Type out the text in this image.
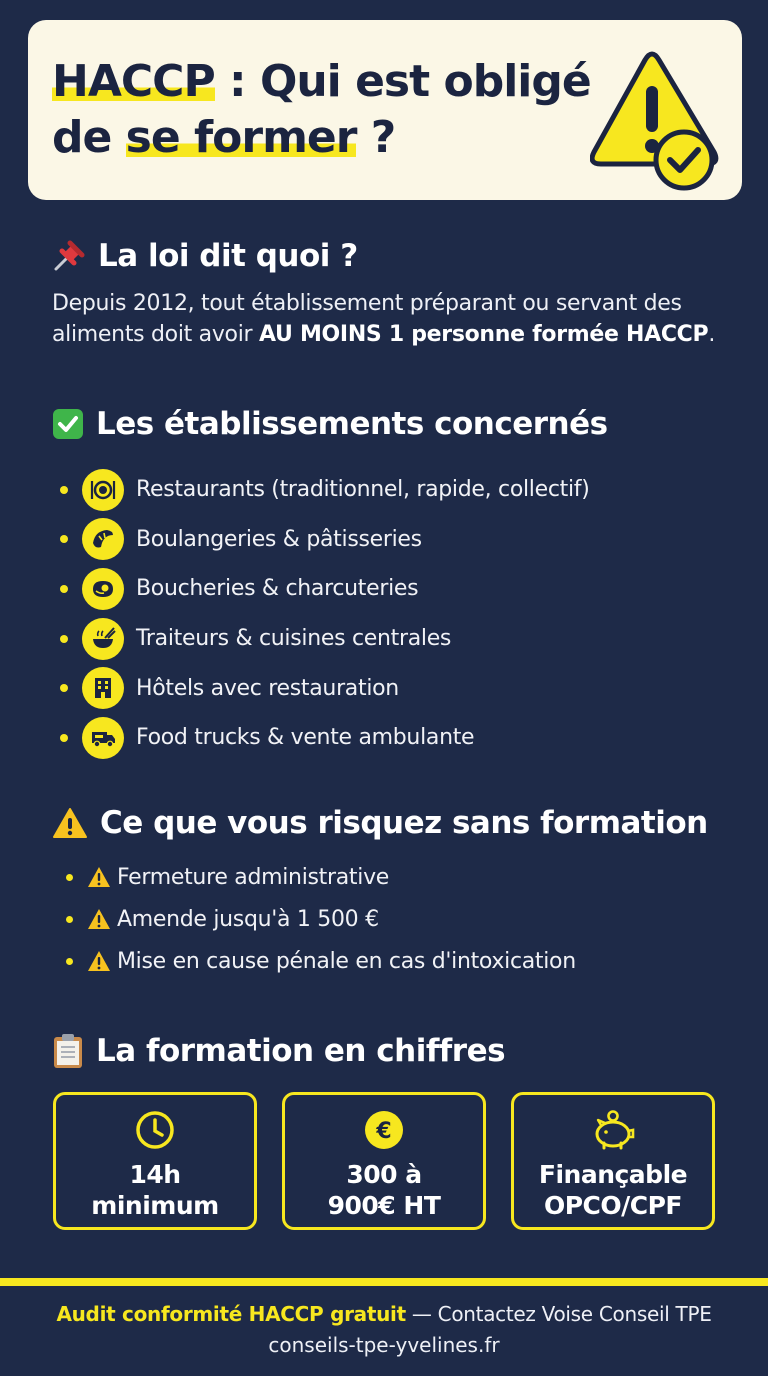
HACCP : Qui est obligé
de se former ?
La loi dit quoi ?

Depuis 2012, tout établissement préparant ou servant des aliments doit avoir AU MOINS 1 personne formée HACCP.

Les établissements concernés
Restaurants (traditionnel, rapide, collectif)
Boulangeries & pâtisseries
Boucheries & charcuteries
Traiteurs & cuisines centrales
Hôtels avec restauration
Food trucks & vente ambulante
Ce que vous risquez sans formation
Fermeture administrative
Amende jusqu'à 1 500 €
Mise en cause pénale en cas d'intoxication
La formation en chiffres
14h
minimum
€
300 à
900€ HT
Finançable
OPCO/CPF
Audit conformité HACCP gratuit — Contactez Voise Conseil TPE
conseils-tpe-yvelines.fr
